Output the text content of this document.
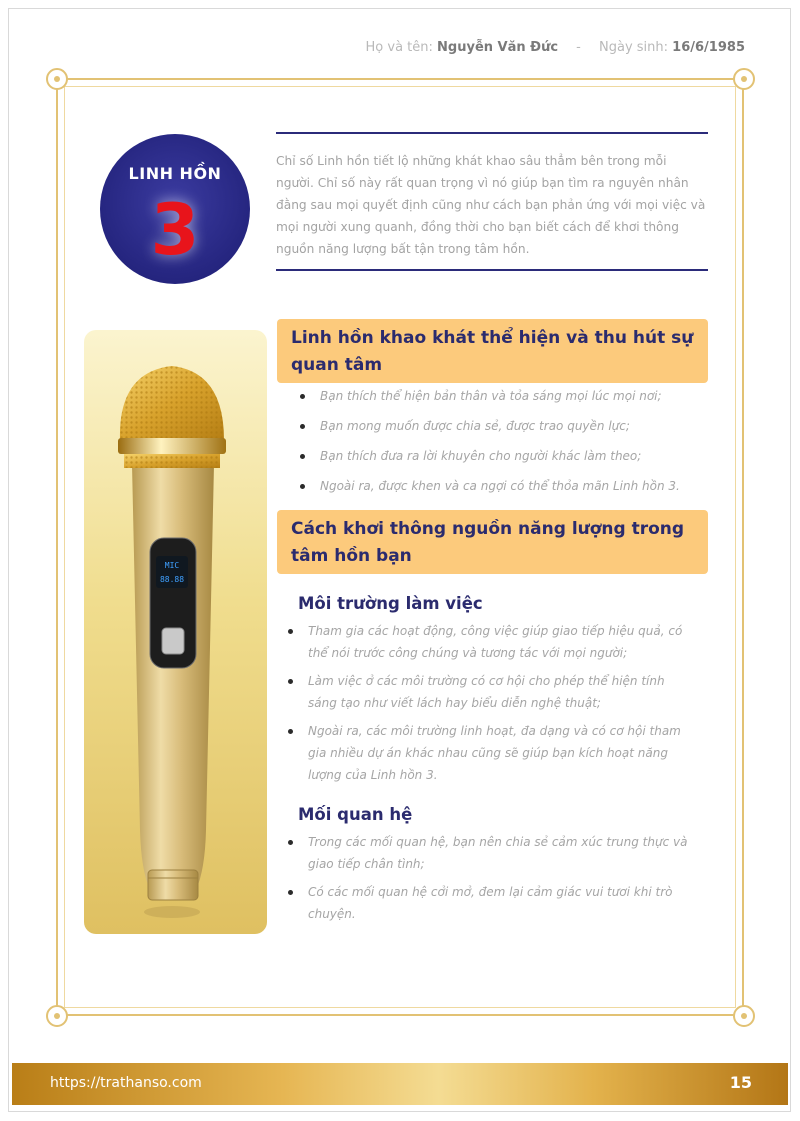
Họ và tên: Nguyễn Văn Đức - Ngày sinh: 16/6/1985
LINH HỒN
3

Chỉ số Linh hồn tiết lộ những khát khao sâu thẳm bên trong mỗi người. Chỉ số này rất quan trọng vì nó giúp bạn tìm ra nguyên nhân đằng sau mọi quyết định cũng như cách bạn phản ứng với mọi việc và mọi người xung quanh, đồng thời cho bạn biết cách để khơi thông nguồn năng lượng bất tận trong tâm hồn.

MIC
88.88
Linh hồn khao khát thể hiện và thu hút sự quan tâm
Bạn thích thể hiện bản thân và tỏa sáng mọi lúc mọi nơi;
Bạn mong muốn được chia sẻ, được trao quyền lực;
Bạn thích đưa ra lời khuyên cho người khác làm theo;
Ngoài ra, được khen và ca ngợi có thể thỏa mãn Linh hồn 3.
Cách khơi thông nguồn năng lượng trong tâm hồn bạn
Môi trường làm việc
Tham gia các hoạt động, công việc giúp giao tiếp hiệu quả, có thể nói trước công chúng và tương tác với mọi người;
Làm việc ở các môi trường có cơ hội cho phép thể hiện tính sáng tạo như viết lách hay biểu diễn nghệ thuật;
Ngoài ra, các môi trường linh hoạt, đa dạng và có cơ hội tham gia nhiều dự án khác nhau cũng sẽ giúp bạn kích hoạt năng lượng của Linh hồn 3.
Mối quan hệ
Trong các mối quan hệ, bạn nên chia sẻ cảm xúc trung thực và giao tiếp chân tình;
Có các mối quan hệ cởi mở, đem lại cảm giác vui tươi khi trò chuyện.
https://trathanso.com	15
